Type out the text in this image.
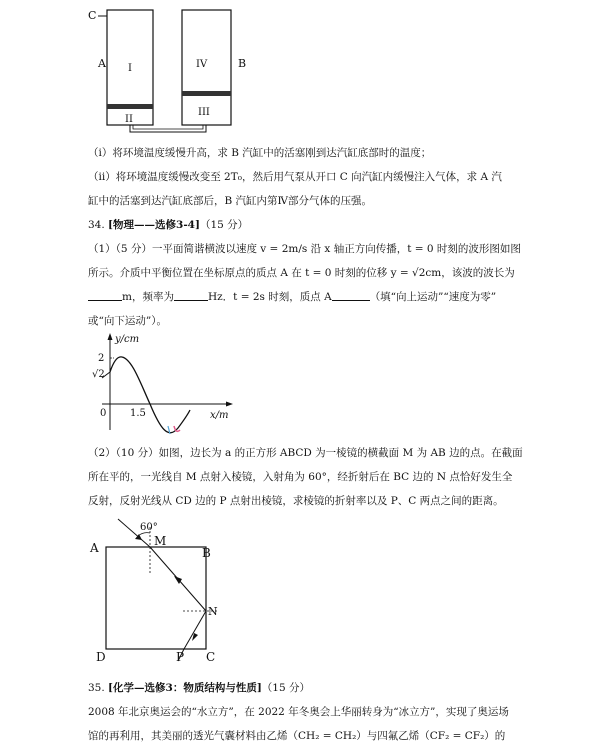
C
A I
II
IV
III
B
（i）将环境温度缓慢升高，求 B 汽缸中的活塞刚到达汽缸底部时的温度；
（ii）将环境温度缓慢改变至 2T₀，然后用气泵从开口 C 向汽缸内缓慢注入气体，求 A 汽
缸中的活塞到达汽缸底部后，B 汽缸内第Ⅳ部分气体的压强。
34. [物理——选修3-4]（15 分）
（1）（5 分）一平面简谐横波以速度 v = 2m/s 沿 x 轴正方向传播，t = 0 时刻的波形图如图
所示。介质中平衡位置在坐标原点的质点 A 在 t = 0 时刻的位移 y = √2cm，该波的波长为
m，频率为	Hz．t = 2s 时刻，质点 A	（填“向上运动”“速度为零”
或“向下运动”）。
y/cm
x/m
2
√2
0 1.5
（2）（10 分）如图，边长为 a 的正方形 ABCD 为一棱镜的横截面 M 为 AB 边的点。在截面
所在平的，一光线自 M 点射入棱镜，入射角为 60°，经折射后在 BC 边的 N 点恰好发生全
反射，反射光线从 CD 边的 P 点射出棱镜，求棱镜的折射率以及 P、C 两点之间的距离。
60°
A	M
B
N
D	P C
35. [化学—选修3：物质结构与性质]（15 分）
2008 年北京奥运会的“水立方”，在 2022 年冬奥会上华丽转身为“冰立方”，实现了奥运场
馆的再利用，其美丽的透光气囊材料由乙烯（CH₂ = CH₂）与四氟乙烯（CF₂ = CF₂）的
